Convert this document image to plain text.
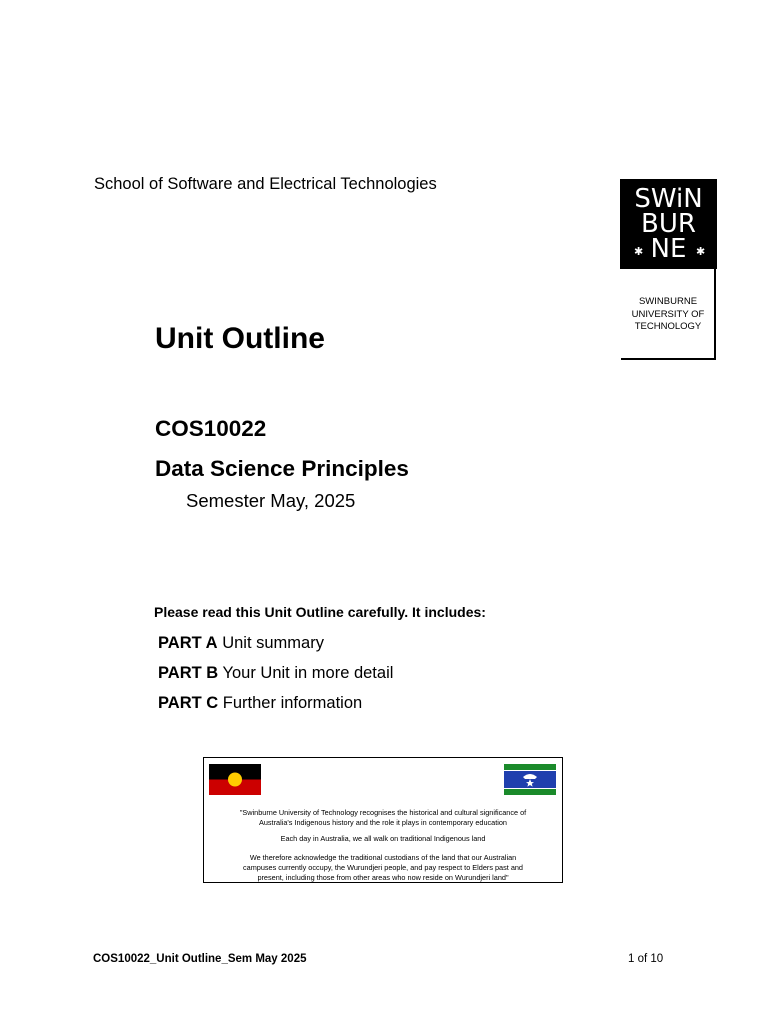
School of Software and Electrical Technologies	SWiN
BUR
NE
✱	✱
SWINBURNE
UNIVERSITY OF
TECHNOLOGY
Unit Outline
COS10022
Data Science Principles
Semester May, 2025
Please read this Unit Outline carefully. It includes:
PART A Unit summary
PART B Your Unit in more detail
PART C Further information
"Swinburne University of Technology recognises the historical and cultural significance of
Australia's Indigenous history and the role it plays in contemporary education
Each day in Australia, we all walk on traditional Indigenous land
We therefore acknowledge the traditional custodians of the land that our Australian
campuses currently occupy, the Wurundjeri people, and pay respect to Elders past and
present, including those from other areas who now reside on Wurundjeri land"
COS10022_Unit Outline_Sem May 2025	1 of 10
